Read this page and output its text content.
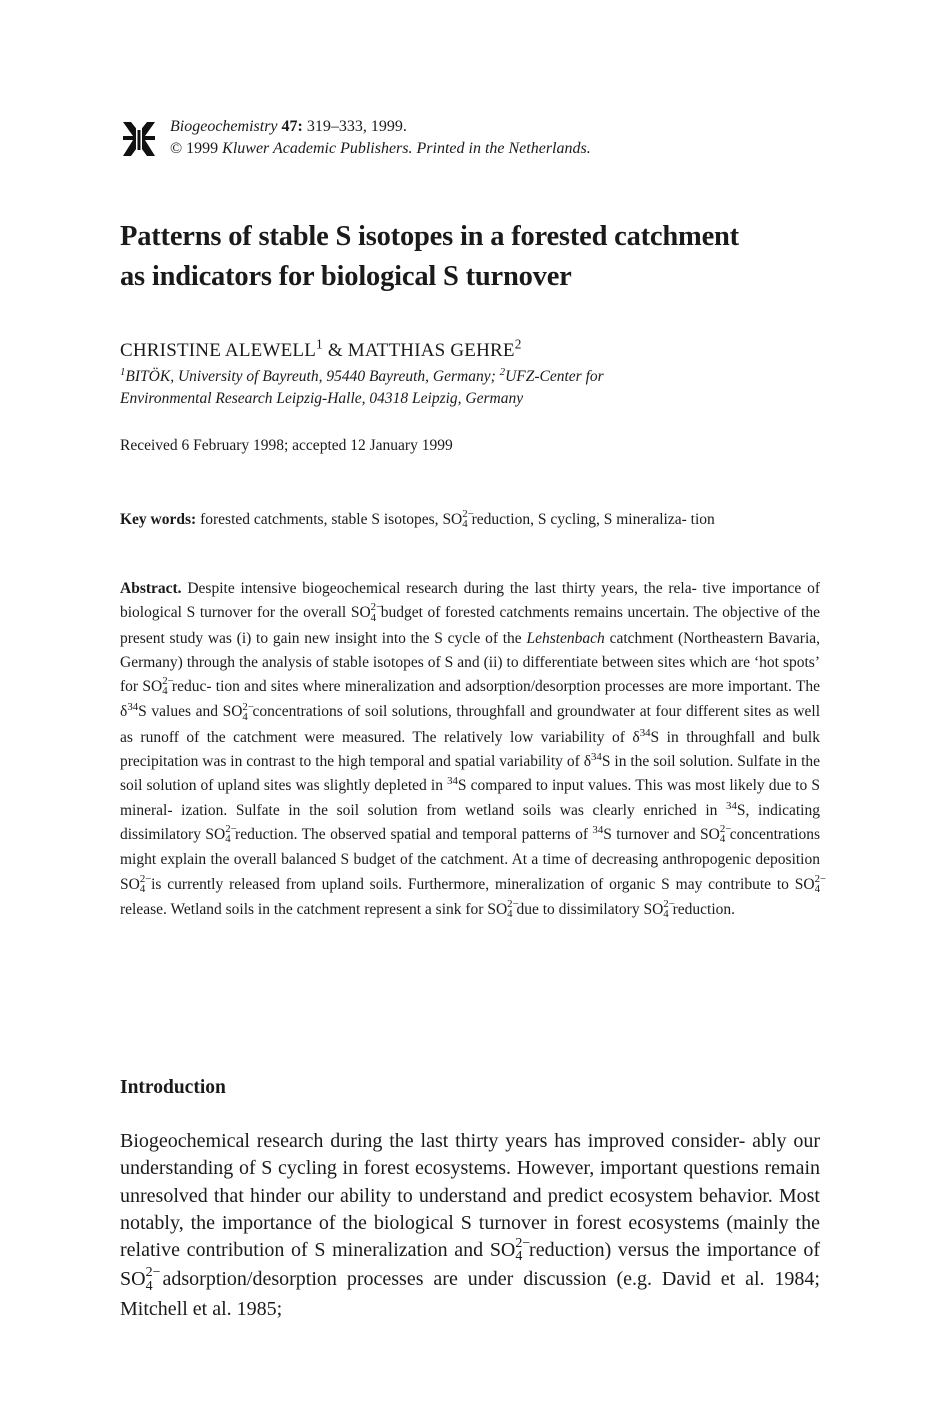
Biogeochemistry 47: 319–333, 1999.
© 1999 Kluwer Academic Publishers. Printed in the Netherlands.
Patterns of stable S isotopes in a forested catchment
as indicators for biological S turnover
CHRISTINE ALEWELL$^1$ & MATTHIAS GEHRE$^2$
$^1$BITÖK, University of Bayreuth, 95440 Bayreuth, Germany; $^2$UFZ-Center for
Environmental Research Leipzig-Halle, 04318 Leipzig, Germany
Received 6 February 1998; accepted 12 January 1999
Key words: forested catchments, stable S isotopes, SO 2−
$_4$ reduction, S cycling, S mineraliza- tion
Abstract. Despite intensive biogeochemical research during the last thirty years, the rela- tive importance of biological S turnover for the overall SO 2−
$_4$ budget of forested catchments remains uncertain. The objective of the present study was (i) to gain new insight into the S cycle of the Lehstenbach catchment (Northeastern Bavaria, Germany) through the analysis of stable isotopes of S and (ii) to differentiate between sites which are ‘hot spots’ for SO 2−
$_4$ reduc- tion and sites where mineralization and adsorption/desorption processes are more important. The $\delta^{34}S$ values and SO 2−
$_4$ concentrations of soil solutions, throughfall and groundwater at four different sites as well as runoff of the catchment were measured. The relatively low variability of $\delta^{34}S$ in throughfall and bulk precipitation was in contrast to the high temporal and spatial variability of $\delta^{34}S$ in the soil solution. Sulfate in the soil solution of upland sites was slightly depleted in $^{34}$S compared to input values. This was most likely due to S mineral- ization. Sulfate in the soil solution from wetland soils was clearly enriched in $^{34}$S, indicating dissimilatory SO 2−
$_4$ reduction. The observed spatial and temporal patterns of $^{34}$S turnover and SO 2−
$_4$ concentrations might explain the overall balanced S budget of the catchment. At a time of decreasing anthropogenic deposition SO 2−
$_4$ is currently released from upland soils. Furthermore, mineralization of organic S may contribute to SO 2−
$_4$ release. Wetland soils in the catchment represent a sink for SO 2−
$_4$ due to dissimilatory SO 2−
$_4$ reduction.
Introduction
Biogeochemical research during the last thirty years has improved consider- ably our understanding of S cycling in forest ecosystems. However, important questions remain unresolved that hinder our ability to understand and predict ecosystem behavior. Most notably, the importance of the biological S turnover in forest ecosystems (mainly the relative contribution of S mineralization and SO 2−
$_4$ reduction) versus the importance of SO 2−
$_4$ adsorption/desorption processes are under discussion (e.g. David et al. 1984; Mitchell et al. 1985;
